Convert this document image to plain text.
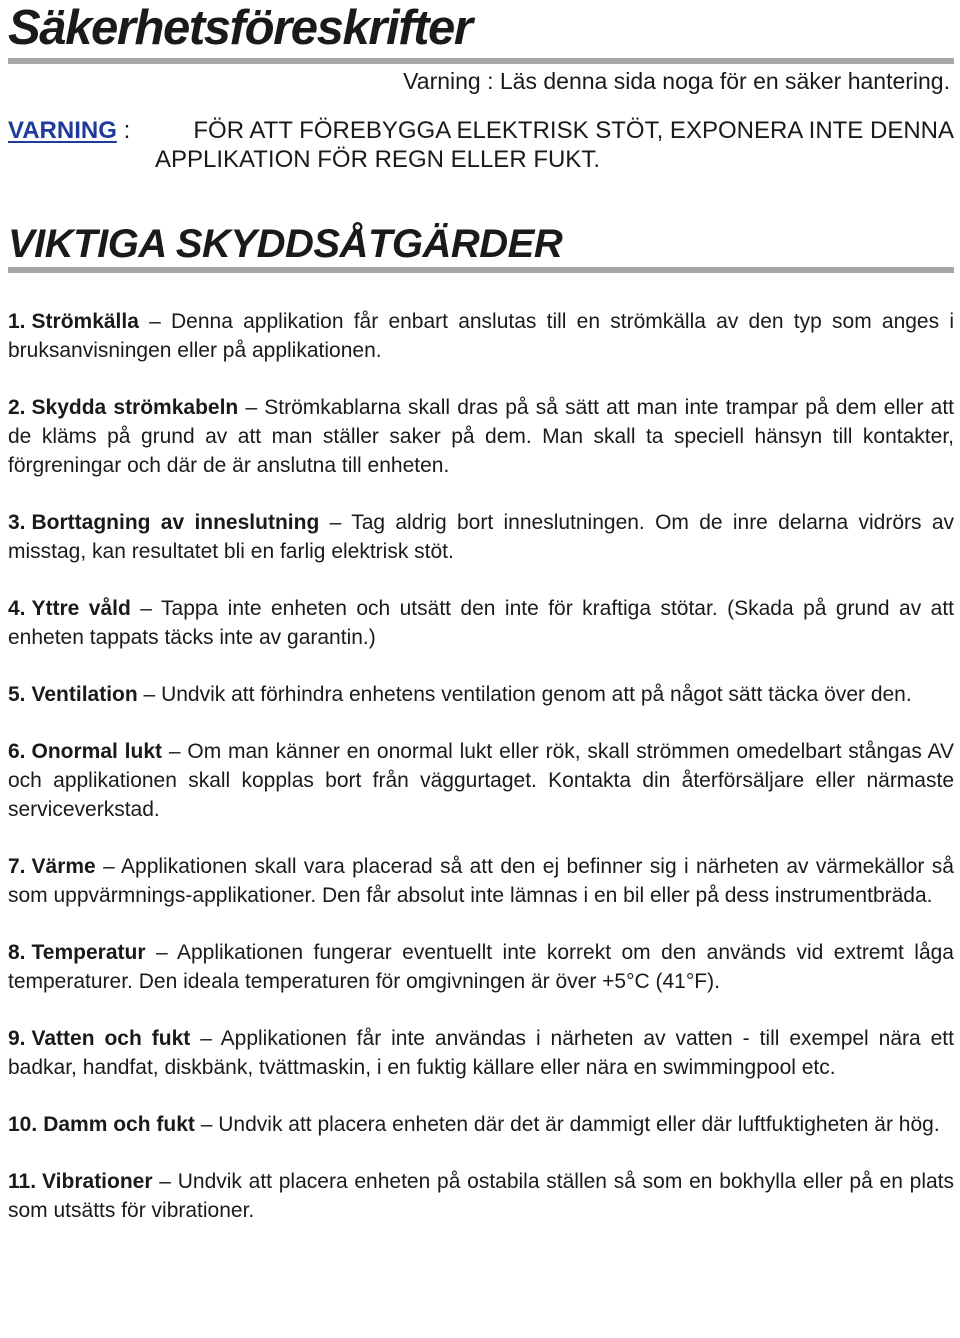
Säkerhetsföreskrifter
Varning : Läs denna sida noga för en säker hantering.
VARNING :	FÖR ATT FÖREBYGGA ELEKTRISK STÖT, EXPONERA INTE DENNA
APPLIKATION FÖR REGN ELLER FUKT.
VIKTIGA SKYDDSÅTGÄRDER

1. Strömkälla – Denna applikation får enbart anslutas till en strömkälla av den typ som anges i bruksanvisningen eller på applikationen.

2. Skydda strömkabeln – Strömkablarna skall dras på så sätt att man inte trampar på dem eller att de kläms på grund av att man ställer saker på dem. Man skall ta speciell hänsyn till kontakter, förgreningar och där de är anslutna till enheten.

3. Borttagning av inneslutning – Tag aldrig bort inneslutningen. Om de inre delarna vidrörs av misstag, kan resultatet bli en farlig elektrisk stöt.

4. Yttre våld – Tappa inte enheten och utsätt den inte för kraftiga stötar. (Skada på grund av att enheten tappats täcks inte av garantin.)

5. Ventilation – Undvik att förhindra enhetens ventilation genom att på något sätt täcka över den.

6. Onormal lukt – Om man känner en onormal lukt eller rök, skall strömmen omedelbart stångas AV och applikationen skall kopplas bort från väggurtaget. Kontakta din återförsäljare eller närmaste serviceverkstad.

7. Värme – Applikationen skall vara placerad så att den ej befinner sig i närheten av värmekällor så som uppvärmnings-applikationer. Den får absolut inte lämnas i en bil eller på dess instrumentbräda.

8. Temperatur – Applikationen fungerar eventuellt inte korrekt om den används vid extremt låga temperaturer. Den ideala temperaturen för omgivningen är över +5°C (41°F).

9. Vatten och fukt – Applikationen får inte användas i närheten av vatten - till exempel nära ett badkar, handfat, diskbänk, tvättmaskin, i en fuktig källare eller nära en swimmingpool etc.

10. Damm och fukt – Undvik att placera enheten där det är dammigt eller där luftfuktigheten är hög.

11. Vibrationer – Undvik att placera enheten på ostabila ställen så som en bokhylla eller på en plats som utsätts för vibrationer.
